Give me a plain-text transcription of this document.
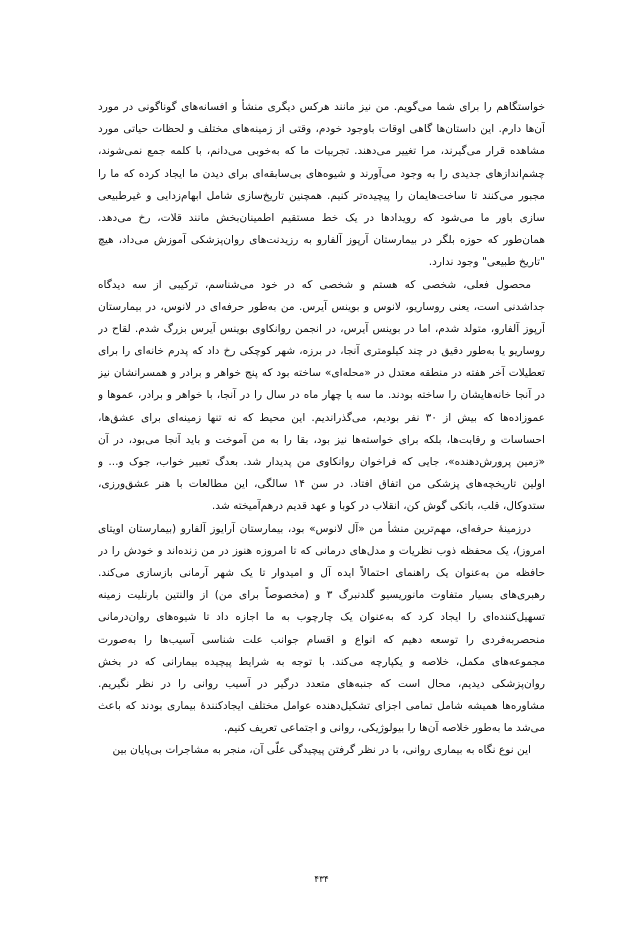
خواستگاهم را برای شما می‌گویم. من نیز مانند هرکس دیگری منشأ و افسانه‌های گوناگونی در مورد
آن‌ها دارم. این داستان‌ها گاهی اوقات باوجود خودم، وقتی از زمینه‌های مختلف و لحظات حیاتی مورد
مشاهده قرار می‌گیرند، مرا تغییر می‌دهند. تجربیات ما که به‌خوبی می‌دانم، با کلمه جمع نمی‌شوند،
چشم‌اندازهای جدیدی را به وجود می‌آورند و شیوه‌های بی‌سابقه‌ای برای دیدن ما ایجاد کرده که ما را
مجبور می‌کنند تا ساخت‌هایمان را پیچیده‌تر کنیم. همچنین تاریخ‌سازی شامل ابهام‌زدایی و غیرطبیعی
سازی باور ما می‌شود که رویدادها در یک خط مستقیم اطمینان‌بخش مانند قلات، رخ می‌دهد.
همان‌طور که حوزه بلگر در بیمارستان آرپوز آلفارو به رزیدنت‌های روان‌پزشکی آموزش می‌داد، هیچ
"تاریخ طبیعی" وجود ندارد.
محصول فعلی، شخصی که هستم و شخصی که در خود می‌شناسم، ترکیبی از سه دیدگاه
جداشدنی است، یعنی روساریو، لانوس و بوینس آیرس. من به‌طور حرفه‌ای در لانوس، در بیمارستان
آرپوز آلفارو، متولد شدم، اما در بوینس آیرس، در انجمن روانکاوی بوینس آیرس بزرگ شدم. لقاح در
روساریو یا به‌طور دقیق در چند کیلومتری آنجا، در برزه، شهر کوچکی رخ داد که پدرم خانه‌ای را برای
تعطیلات آخر هفته در منطقه معتدل در «محله‌ای» ساخته بود که پنج خواهر و برادر و همسرانشان نیز
در آنجا خانه‌هایشان را ساخته بودند. ما سه یا چهار ماه در سال را در آنجا، با خواهر و برادر، عموها و
عموزاده‌ها که بیش از ۳۰ نفر بودیم، می‌گذراندیم. این محیط که نه تنها زمینه‌ای برای عشق‌ها،
احساسات و رقابت‌ها، بلکه برای خواسته‌ها نیز بود، بقا را به من آموخت و باید آنجا می‌بود، در آن
«زمین پرورش‌دهنده»، جایی که فراخوان روانکاوی من پدیدار شد. بعدگ تعبیر خواب، جوک و... و
اولین تاریخچه‌های پزشکی من اتفاق افتاد. در سن ۱۴ سالگی، این مطالعات با هنر عشق‌ورزی،
ستدوکال، قلب، باتکی گوش کن، انقلاب در کوبا و عهد قدیم درهم‌آمیخته شد.
درزمینهٔ حرفه‌ای، مهم‌ترین منشأ من «آل لانوس» بود، بیمارستان آرایوز آلفارو (بیمارستان اویتای
امروز)، یک محفظه ذوب نظریات و مدل‌های درمانی که تا امروزه هنوز در من زنده‌اند و خودش را در
حافظه من به‌عنوان یک راهنمای احتمالاً ایده آل و امیدوار تا یک شهر آرمانی بازسازی می‌کند.
رهبری‌های بسیار متفاوت مانوریسیو گلدنبرگ ۳ و (مخصوصاً برای من) از والنتین بارنلیت زمینه
تسهیل‌کننده‌ای را ایجاد کرد که به‌عنوان یک چارچوب به ما اجازه داد تا شیوه‌های روان‌درمانی
منحصربه‌فردی را توسعه دهیم که انواع و اقسام جوانب علت شناسی آسیب‌ها را به‌صورت
مجموعه‌های مکمل، خلاصه و یکپارچه می‌کند. با توجه به شرایط پیچیده بیمارانی که در بخش
روان‌پزشکی دیدیم، محال است که جنبه‌های متعدد درگیر در آسیب روانی را در نظر نگیریم.
مشاوره‌ها همیشه شامل تمامی اجزای تشکیل‌دهنده عوامل مختلف ایجادکنندهٔ بیماری بودند که باعث
می‌شد ما به‌طور خلاصه آن‌ها را بیولوژیکی، روانی و اجتماعی تعریف کنیم.
این نوع نگاه به بیماری روانی، با در نظر گرفتن پیچیدگی علّی آن، منجر به مشاجرات بی‌پایان بین
۴۳۴
